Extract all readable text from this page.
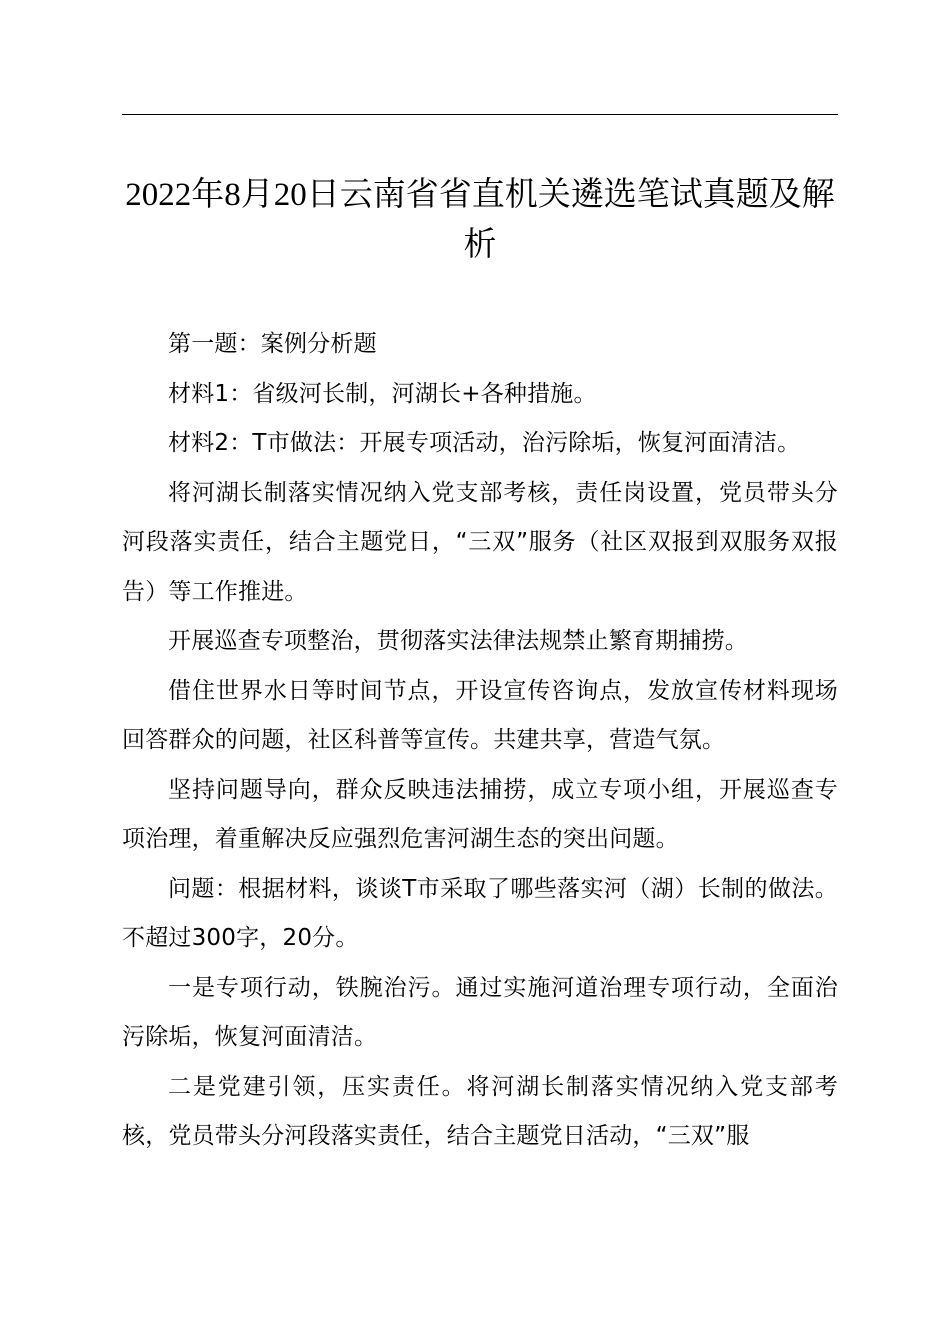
2022年8月20日云南省省直机关遴选笔试真题及解析

第一题：案例分析题

材料1：省级河长制，河湖长+各种措施。

材料2：T市做法：开展专项活动，治污除垢，恢复河面清洁。

将河湖长制落实情况纳入党支部考核，责任岗设置，党员带头分河段落实责任，结合主题党日，“三双”服务（社区双报到双服务双报告）等工作推进。

开展巡查专项整治，贯彻落实法律法规禁止繁育期捕捞。

借住世界水日等时间节点，开设宣传咨询点，发放宣传材料现场回答群众的问题，社区科普等宣传。共建共享，营造气氛。

坚持问题导向，群众反映违法捕捞，成立专项小组，开展巡查专项治理，着重解决反应强烈危害河湖生态的突出问题。

问题：根据材料，谈谈T市采取了哪些落实河（湖）长制的做法。不超过300字，20分。

一是专项行动，铁腕治污。通过实施河道治理专项行动，全面治污除垢，恢复河面清洁。

二是党建引领，压实责任。将河湖长制落实情况纳入党支部考核，党员带头分河段落实责任，结合主题党日活动，“三双”服
